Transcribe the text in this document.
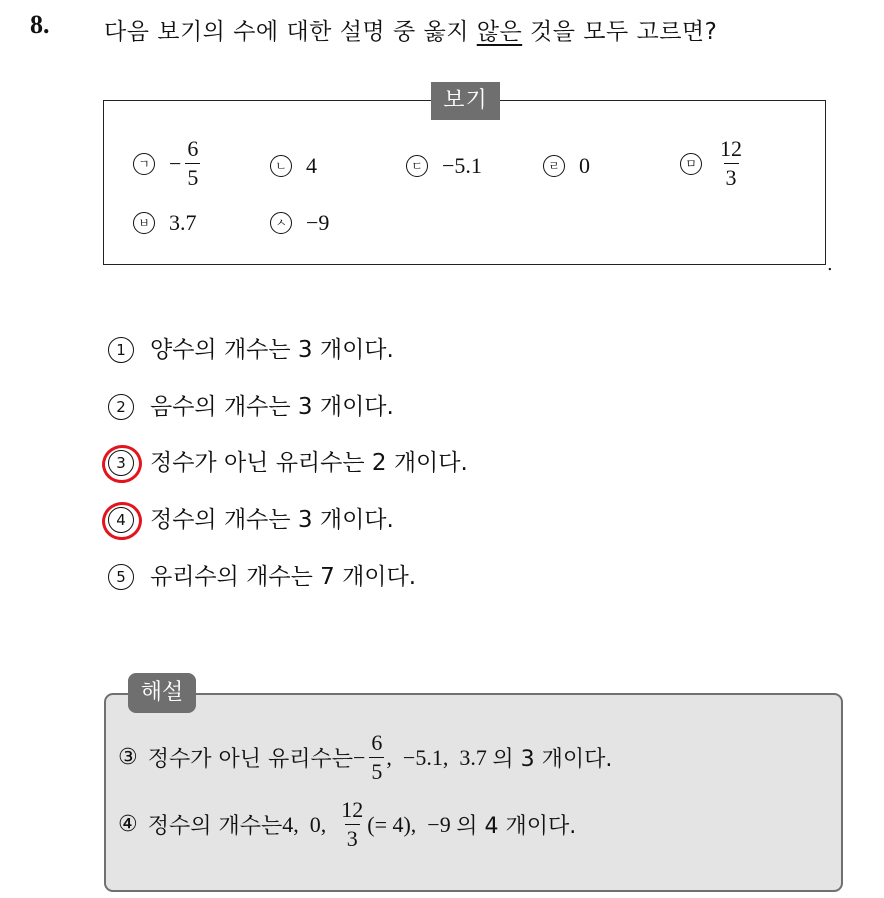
8. 다음 보기의 수에 대한 설명 중 옳지 않은 것을 모두 고르면?
보기
.
ㄱ − $\frac{6}{5}$	ㄴ 4	ㄷ −5.1	ㄹ 0	ㅁ $\frac{12}{3}$
ㅂ 3.7	ㅅ −9
1 양수의 개수는 3 개이다.
2 음수의 개수는 3 개이다.
3 정수가 아닌 유리수는 2 개이다.
4 정수의 개수는 3 개이다.
5 유리수의 개수는 7 개이다.
해설
③ 정수가 아닌 유리수는 − $\frac{6}{5}$ ,  −5.1,  3.7 의 3 개이다.
④ 정수의 개수는 4,  0, $\frac{12}{3}$ (= 4),  −9 의 4 개이다.
